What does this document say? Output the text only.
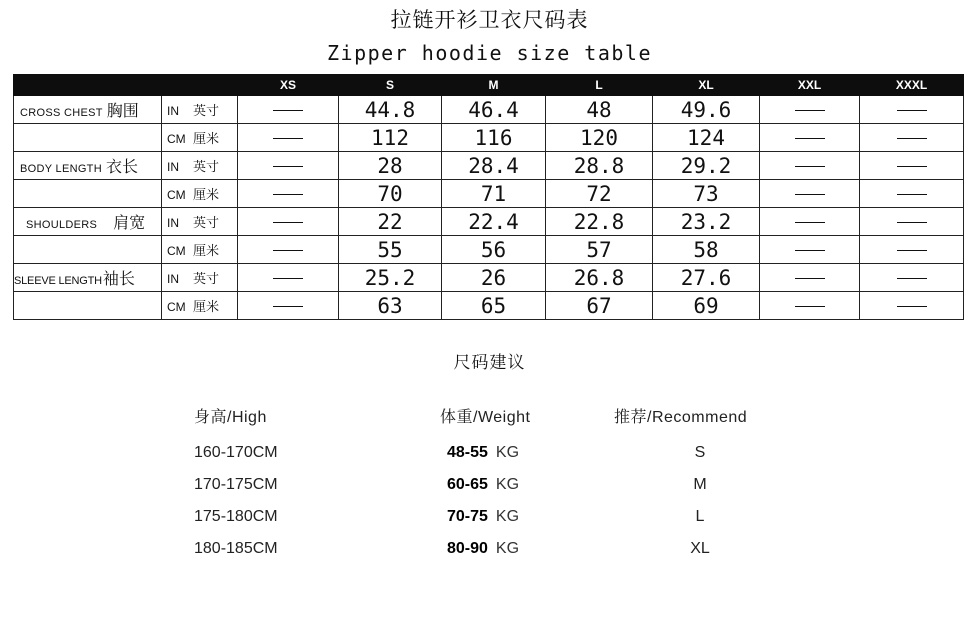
拉链开衫卫衣尺码表
Zipper hoodie size table
		XS	S	M	L	XL	XXL	XXXL
CROSS CHEST 胸围	IN 英寸		44.8	46.4	48	49.6		
	CM 厘米		112	116	120	124		
BODY LENGTH 衣长	IN 英寸		28	28.4	28.8	29.2		
	CM 厘米		70	71	72	73		
SHOULDERS 肩宽	IN 英寸		22	22.4	22.8	23.2		
	CM 厘米		55	56	57	58		
SLEEVE LENGTH袖长	IN 英寸		25.2	26	26.8	27.6		
	CM 厘米		63	65	67	69		
尺码建议
身高/High	体重/Weight	推荐/Recommend
160-170CM	48-55 KG	S
170-175CM	60-65 KG	M
175-180CM	70-75 KG	L
180-185CM	80-90 KG	XL
